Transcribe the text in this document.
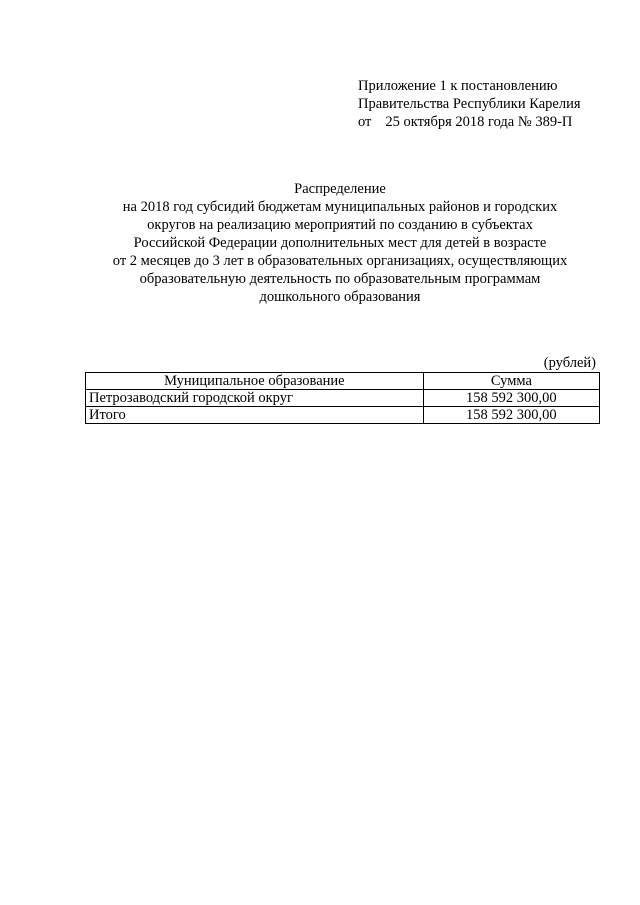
Приложение 1 к постановлению
Правительства Республики Карелия
от 25 октября 2018 года № 389-П
Распределение
на 2018 год субсидий бюджетам муниципальных районов и городских
округов на реализацию мероприятий по созданию в субъектах
Российской Федерации дополнительных мест для детей в возрасте
от 2 месяцев до 3 лет в образовательных организациях, осуществляющих
образовательную деятельность по образовательным программам
дошкольного образования
(рублей)
Муниципальное образование	Сумма
Петрозаводский городской округ	158 592 300,00
Итого	158 592 300,00
